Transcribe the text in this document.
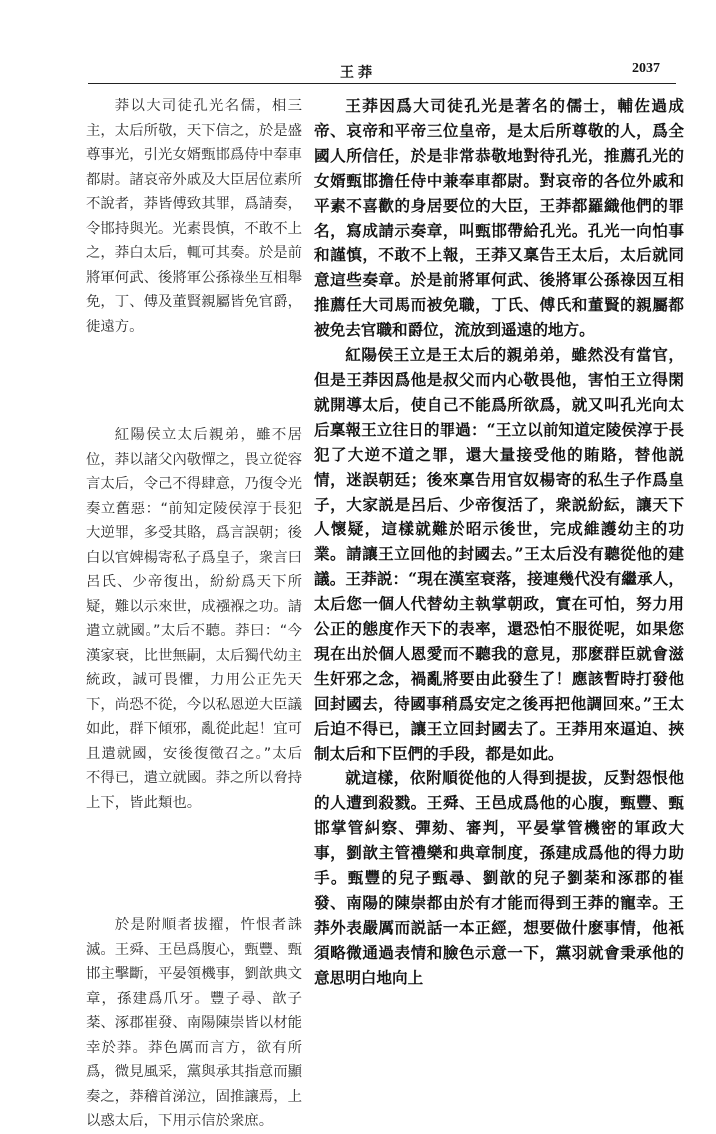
王莽	2037

莽以大司徒孔光名儒，相三主，太后所敬，天下信之，於是盛尊事光，引光女婿甄邯爲侍中奉車都尉。諸哀帝外戚及大臣居位素所不說者，莽皆傅致其罪，爲請奏，令邯持與光。光素畏慎，不敢不上之，莽白太后，輒可其奏。於是前將軍何武、後將軍公孫祿坐互相舉免，丁、傅及董賢親屬皆免官爵，徙遠方。

紅陽侯立太后親弟，雖不居位，莽以諸父內敬憚之，畏立從容言太后，令己不得肆意，乃復令光奏立舊惡：“前知定陵侯淳于長犯大逆罪，多受其賂，爲言誤朝；後白以官婢楊寄私子爲皇子，衆言曰呂氏、少帝復出，紛紛爲天下所疑，難以示來世，成襁褓之功。請遣立就國。”太后不聽。莽曰：“今漢家衰，比世無嗣，太后獨代幼主統政，誠可畏懼，力用公正先天下，尚恐不從，今以私恩逆大臣議如此，群下傾邪，亂從此起！宜可且遣就國，安後復徵召之。”太后不得已，遣立就國。莽之所以脅持上下，皆此類也。

於是附順者拔擢，忤恨者誅滅。王舜、王邑爲腹心，甄豐、甄邯主擊斷，平晏領機事，劉歆典文章，孫建爲爪牙。豐子尋、歆子棻、涿郡崔發、南陽陳崇皆以材能幸於莽。莽色厲而言方，欲有所爲，微見風采，黨與承其指意而顯奏之，莽稽首涕泣，固推讓焉，上以惑太后，下用示信於衆庶。

王莽因爲大司徒孔光是著名的儒士，輔佐過成帝、哀帝和平帝三位皇帝，是太后所尊敬的人，爲全國人所信任，於是非常恭敬地對待孔光，推薦孔光的女婿甄邯擔任侍中兼奉車都尉。對哀帝的各位外戚和平素不喜歡的身居要位的大臣，王莽都羅織他們的罪名，寫成請示奏章，叫甄邯帶給孔光。孔光一向怕事和謹慎，不敢不上報，王莽又稟告王太后，太后就同意這些奏章。於是前將軍何武、後將軍公孫祿因互相推薦任大司馬而被免職，丁氏、傅氏和董賢的親屬都被免去官職和爵位，流放到遥遠的地方。

紅陽侯王立是王太后的親弟弟，雖然没有當官，但是王莽因爲他是叔父而内心敬畏他，害怕王立得閑就開導太后，使自己不能爲所欲爲，就又叫孔光向太后稟報王立往日的罪過：“王立以前知道定陵侯淳于長犯了大逆不道之罪，還大量接受他的賄賂，替他説情，迷誤朝廷；後來稟告用官奴楊寄的私生子作爲皇子，大家説是呂后、少帝復活了，衆説紛紜，讓天下人懷疑，這樣就難於昭示後世，完成維護幼主的功業。請讓王立回他的封國去。”王太后没有聽從他的建議。王莽説：“現在漢室衰落，接連幾代没有繼承人，太后您一個人代替幼主執掌朝政，實在可怕，努力用公正的態度作天下的表率，還恐怕不服從呢，如果您現在出於個人恩愛而不聽我的意見，那麽群臣就會滋生奸邪之念，禍亂將要由此發生了！應該暫時打發他回封國去，待國事稍爲安定之後再把他調回來。”王太后迫不得已，讓王立回封國去了。王莽用來逼迫、挾制太后和下臣們的手段，都是如此。

就這樣，依附順從他的人得到提拔，反對怨恨他的人遭到殺戮。王舜、王邑成爲他的心腹，甄豐、甄邯掌管糾察、彈劾、審判，平晏掌管機密的軍政大事，劉歆主管禮樂和典章制度，孫建成爲他的得力助手。甄豐的兒子甄尋、劉歆的兒子劉棻和涿郡的崔發、南陽的陳崇都由於有才能而得到王莽的寵幸。王莽外表嚴厲而説話一本正經，想要做什麽事情，他衹須略微通過表情和臉色示意一下，黨羽就會秉承他的意思明白地向上
